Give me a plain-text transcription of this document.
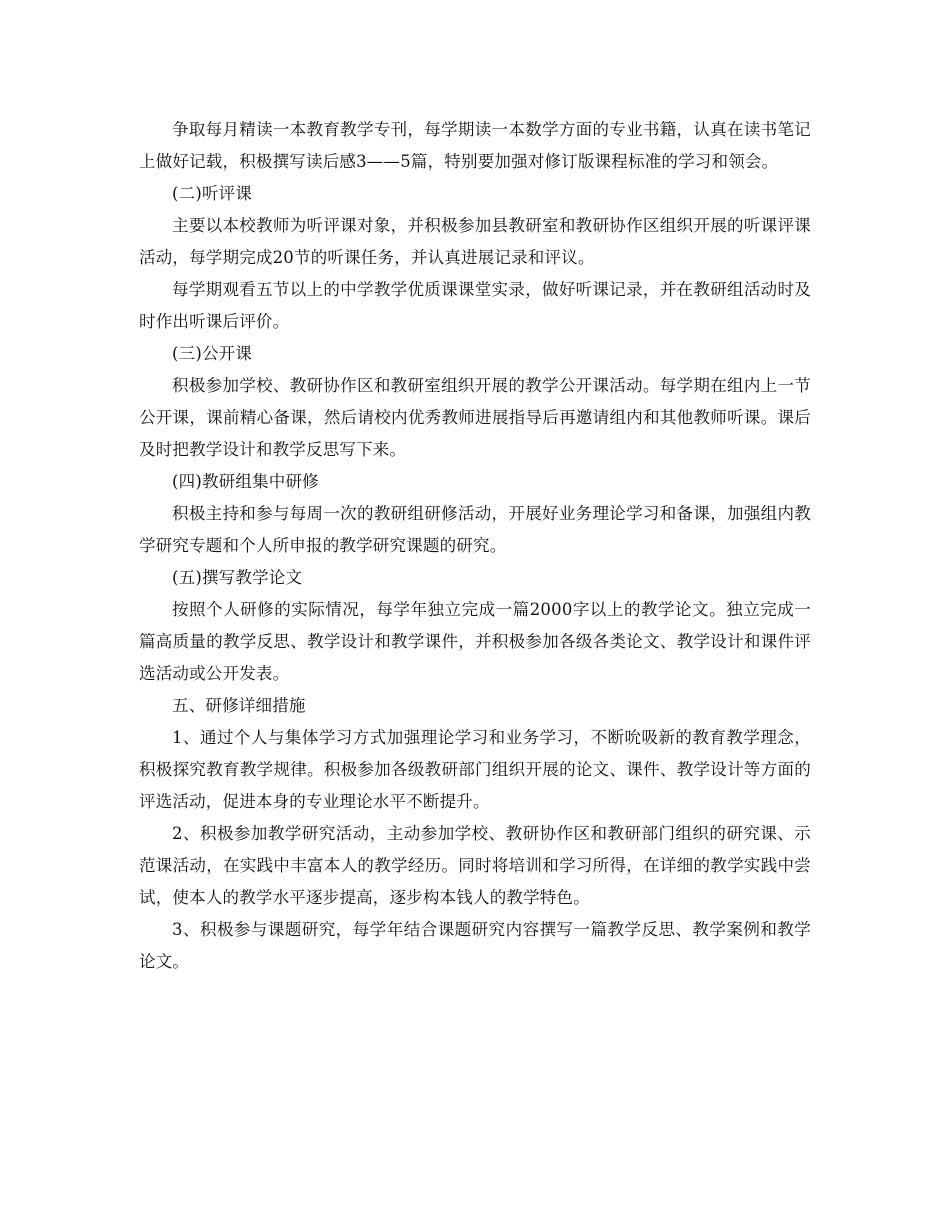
争取每月精读一本教育教学专刊，每学期读一本数学方面的专业书籍，认真在读书笔记上做好记载，积极撰写读后感3——5篇，特别要加强对修订版课程标准的学习和领会。

(二)听评课

主要以本校教师为听评课对象，并积极参加县教研室和教研协作区组织开展的听课评课活动，每学期完成20节的听课任务，并认真进展记录和评议。

每学期观看五节以上的中学教学优质课课堂实录，做好听课记录，并在教研组活动时及时作出听课后评价。

(三)公开课

积极参加学校、教研协作区和教研室组织开展的教学公开课活动。每学期在组内上一节公开课，课前精心备课，然后请校内优秀教师进展指导后再邀请组内和其他教师听课。课后及时把教学设计和教学反思写下来。

(四)教研组集中研修

积极主持和参与每周一次的教研组研修活动，开展好业务理论学习和备课，加强组内教学研究专题和个人所申报的教学研究课题的研究。

(五)撰写教学论文

按照个人研修的实际情况，每学年独立完成一篇2000字以上的教学论文。独立完成一篇高质量的教学反思、教学设计和教学课件，并积极参加各级各类论文、教学设计和课件评选活动或公开发表。

五、研修详细措施

1、通过个人与集体学习方式加强理论学习和业务学习，不断吮吸新的教育教学理念，积极探究教育教学规律。积极参加各级教研部门组织开展的论文、课件、教学设计等方面的评选活动，促进本身的专业理论水平不断提升。

2、积极参加教学研究活动，主动参加学校、教研协作区和教研部门组织的研究课、示范课活动，在实践中丰富本人的教学经历。同时将培训和学习所得，在详细的教学实践中尝试，使本人的教学水平逐步提高，逐步构本钱人的教学特色。

3、积极参与课题研究，每学年结合课题研究内容撰写一篇教学反思、教学案例和教学论文。
